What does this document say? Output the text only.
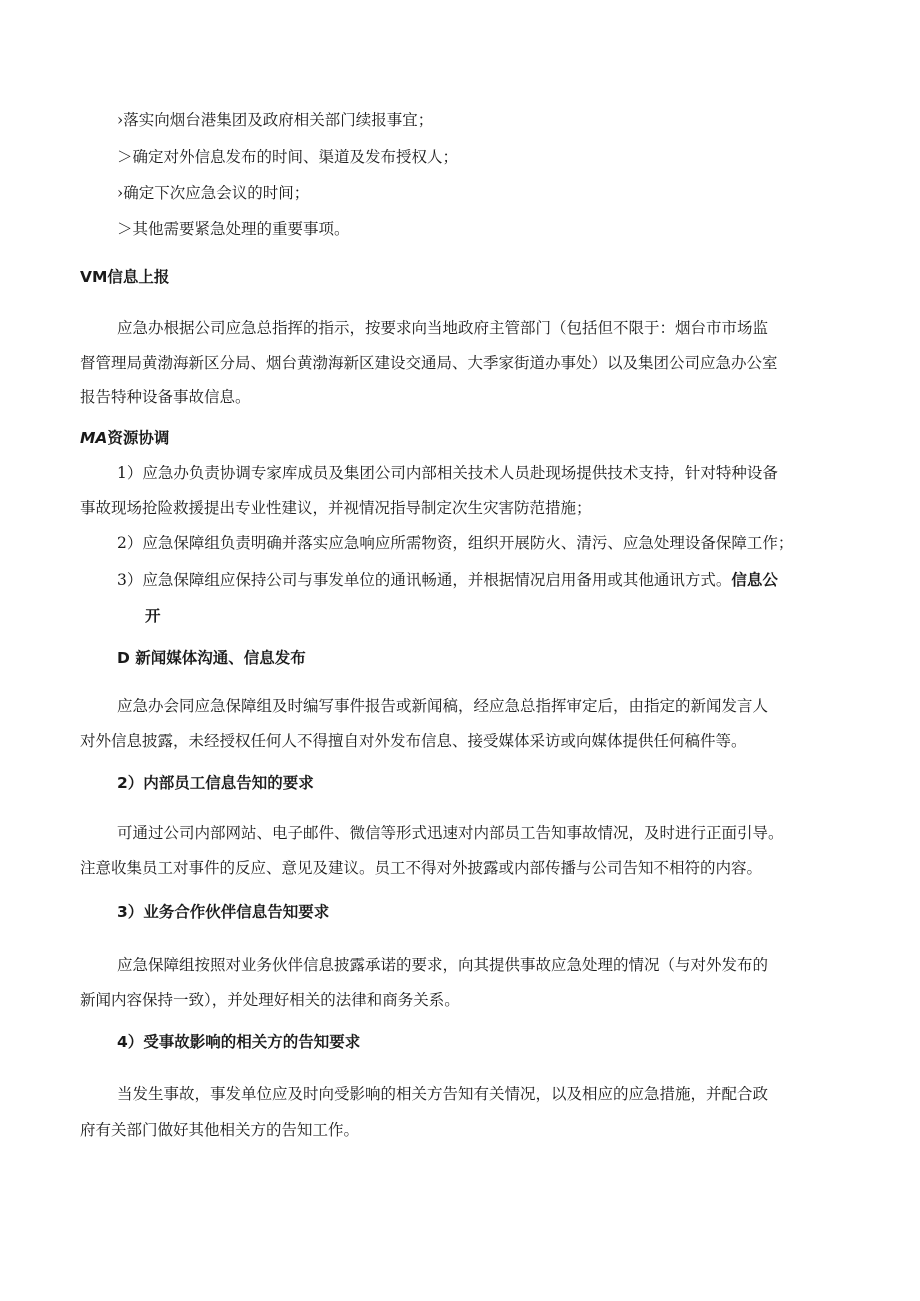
›落实向烟台港集团及政府相关部门续报事宜；
＞确定对外信息发布的时间、渠道及发布授权人；
›确定下次应急会议的时间；
＞其他需要紧急处理的重要事项。
VM信息上报
应急办根据公司应急总指挥的指示，按要求向当地政府主管部门（包括但不限于：烟台市市场监
督管理局黄渤海新区分局、烟台黄渤海新区建设交通局、大季家街道办事处）以及集团公司应急办公室
报告特种设备事故信息。
MA资源协调
1）应急办负责协调专家库成员及集团公司内部相关技术人员赴现场提供技术支持，针对特种设备
事故现场抢险救援提出专业性建议，并视情况指导制定次生灾害防范措施；
2）应急保障组负责明确并落实应急响应所需物资，组织开展防火、清污、应急处理设备保障工作；
3）应急保障组应保持公司与事发单位的通讯畅通，并根据情况启用备用或其他通讯方式。信息公
开
D 新闻媒体沟通、信息发布
应急办会同应急保障组及时编写事件报告或新闻稿，经应急总指挥审定后，由指定的新闻发言人
对外信息披露，未经授权任何人不得擅自对外发布信息、接受媒体采访或向媒体提供任何稿件等。
2）内部员工信息告知的要求
可通过公司内部网站、电子邮件、微信等形式迅速对内部员工告知事故情况，及时进行正面引导。
注意收集员工对事件的反应、意见及建议。员工不得对外披露或内部传播与公司告知不相符的内容。
3）业务合作伙伴信息告知要求
应急保障组按照对业务伙伴信息披露承诺的要求，向其提供事故应急处理的情况（与对外发布的
新闻内容保持一致），并处理好相关的法律和商务关系。
4）受事故影响的相关方的告知要求
当发生事故，事发单位应及时向受影响的相关方告知有关情况，以及相应的应急措施，并配合政
府有关部门做好其他相关方的告知工作。
